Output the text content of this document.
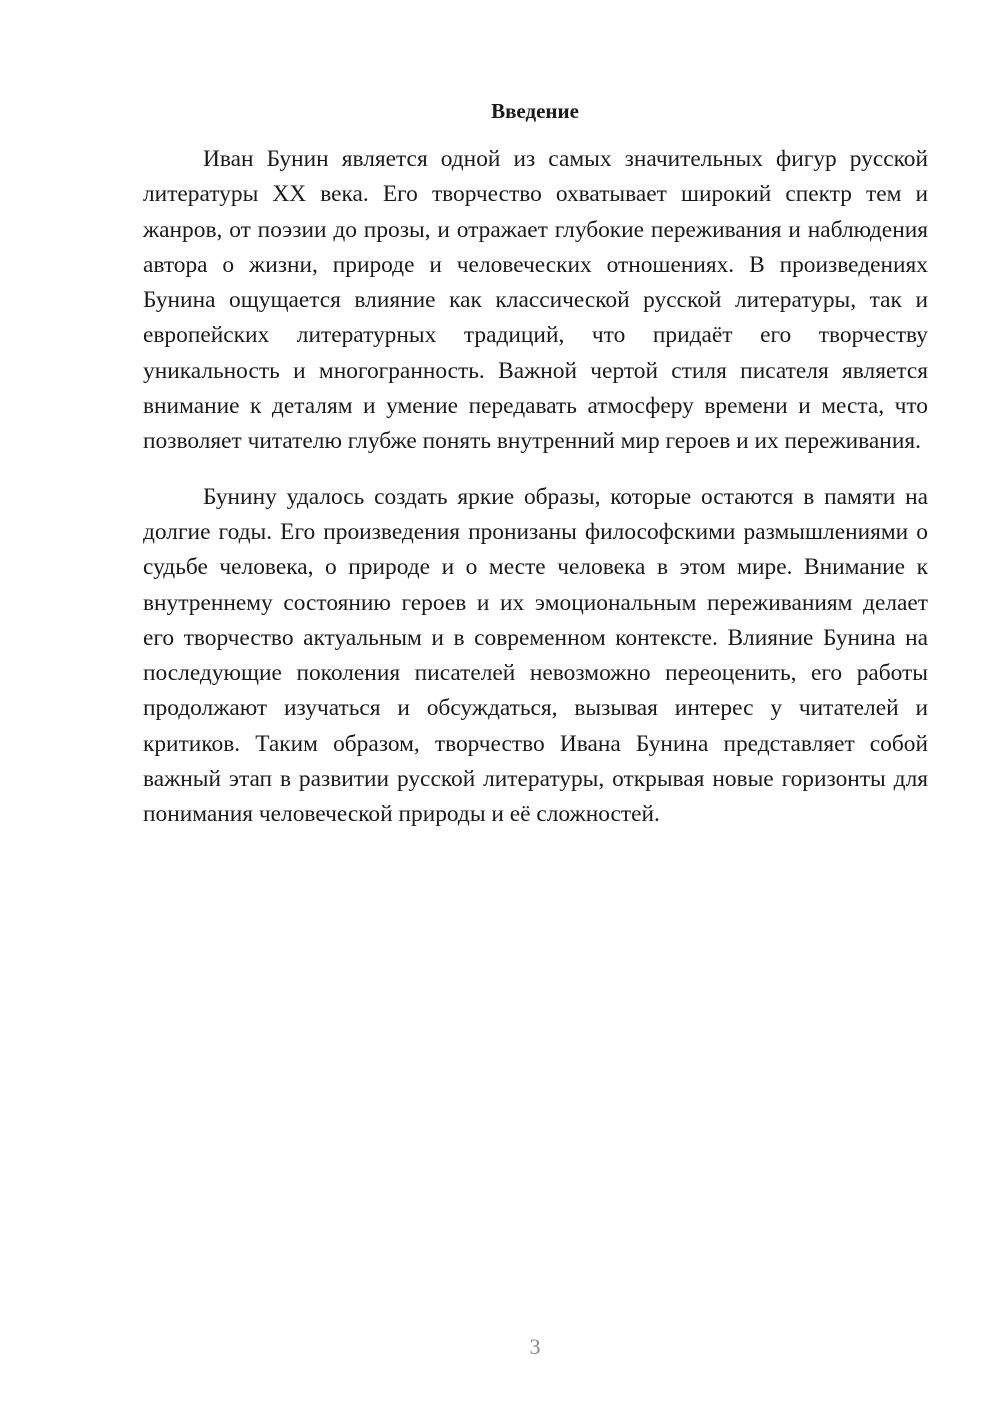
Введение

Иван Бунин является одной из самых значительных фигур русской литературы XX века. Его творчество охватывает широкий спектр тем и жанров, от поэзии до прозы, и отражает глубокие переживания и наблюдения автора о жизни, природе и человеческих отношениях. В произведениях Бунина ощущается влияние как классической русской литературы, так и европейских литературных традиций, что придаёт его творчеству уникальность и многогранность. Важной чертой стиля писателя является внимание к деталям и умение передавать атмосферу времени и места, что позволяет читателю глубже понять внутренний мир героев и их переживания.

Бунину удалось создать яркие образы, которые остаются в памяти на долгие годы. Его произведения пронизаны философскими размышлениями о судьбе человека, о природе и о месте человека в этом мире. Внимание к внутреннему состоянию героев и их эмоциональным переживаниям делает его творчество актуальным и в современном контексте. Влияние Бунина на последующие поколения писателей невозможно переоценить, его работы продолжают изучаться и обсуждаться, вызывая интерес у читателей и критиков. Таким образом, творчество Ивана Бунина представляет собой важный этап в развитии русской литературы, открывая новые горизонты для понимания человеческой природы и её сложностей.

3
